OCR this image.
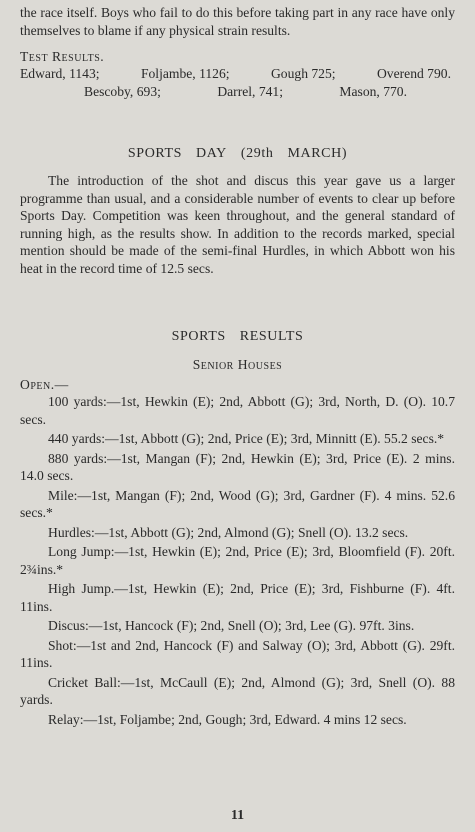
the race itself. Boys who fail to do this before taking part in any race have only themselves to blame if any physical strain results.

Test Results.

Edward, 1143;	Foljambe, 1126;	Gough 725;	Overend 790.
Bescoby, 693;	Darrel, 741;	Mason, 770.
SPORTS DAY (29th MARCH)

The introduction of the shot and discus this year gave us a larger programme than usual, and a considerable number of events to clear up before Sports Day. Competition was keen throughout, and the general standard of running high, as the results show. In addition to the records marked, special mention should be made of the semi-final Hurdles, in which Abbott won his heat in the record time of 12.5 secs.

SPORTS RESULTS

Senior Houses

Open.—

100 yards:—1st, Hewkin (E); 2nd, Abbott (G); 3rd, North, D. (O). 10.7 secs.

440 yards:—1st, Abbott (G); 2nd, Price (E); 3rd, Minnitt (E). 55.2 secs.*

880 yards:—1st, Mangan (F); 2nd, Hewkin (E); 3rd, Price (E). 2 mins. 14.0 secs.

Mile:—1st, Mangan (F); 2nd, Wood (G); 3rd, Gardner (F). 4 mins. 52.6 secs.*

Hurdles:—1st, Abbott (G); 2nd, Almond (G); Snell (O). 13.2 secs.

Long Jump:—1st, Hewkin (E); 2nd, Price (E); 3rd, Bloomfield (F). 20ft. 2¾ins.*

High Jump.—1st, Hewkin (E); 2nd, Price (E); 3rd, Fishburne (F). 4ft. 11ins.

Discus:—1st, Hancock (F); 2nd, Snell (O); 3rd, Lee (G). 97ft. 3ins.

Shot:—1st and 2nd, Hancock (F) and Salway (O); 3rd, Abbott (G). 29ft. 11ins.

Cricket Ball:—1st, McCaull (E); 2nd, Almond (G); 3rd, Snell (O). 88 yards.

Relay:—1st, Foljambe; 2nd, Gough; 3rd, Edward. 4 mins 12 secs.

11
